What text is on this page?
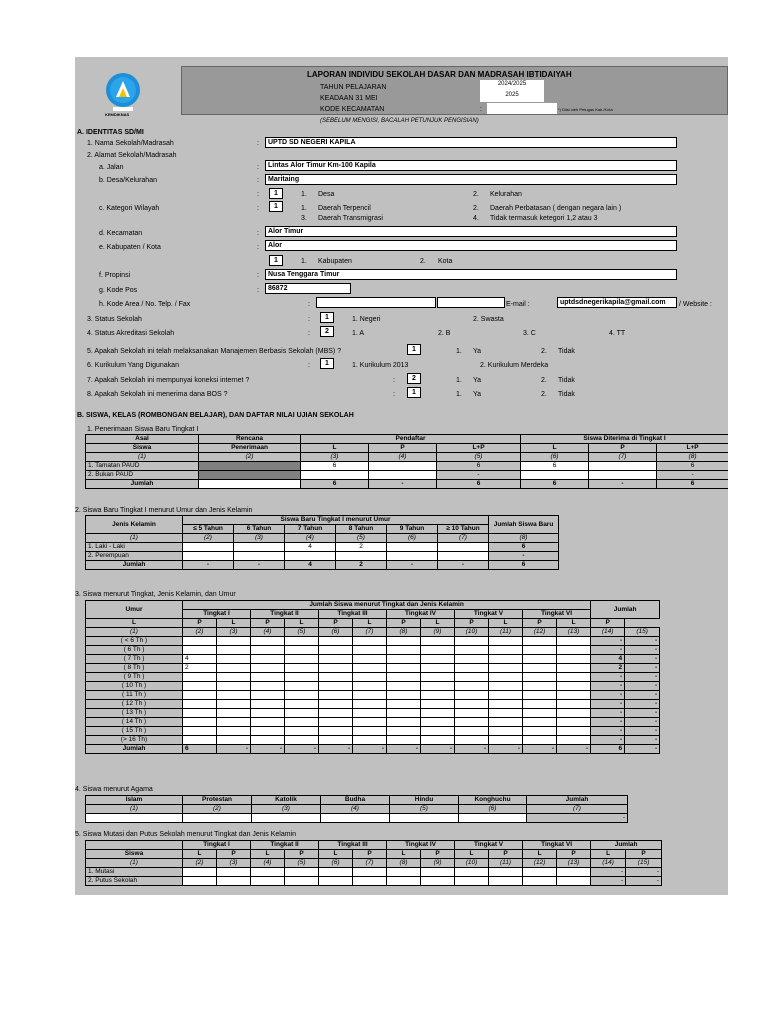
KEMDIKNAS
LAPORAN INDIVIDU SEKOLAH DASAR DAN MADRASAH IBTIDAIYAH
TAHUN PELAJARAN	2024/2025
KEADAAN 31 MEI	2025
KODE KECAMATAN	:	*) Diisi oleh Petugas Kab./Kota
(SEBELUM MENGISI, BACALAH PETUNJUK PENGISIAN)
A. IDENTITAS SD/MI
1. Nama Sekolah/Madrasah	:	UPTD SD NEGERI KAPILA
2. Alamat Sekolah/Madrasah
a. Jalan	:	Lintas Alor Timur Km-100 Kapila
b. Desa/Kelurahan	:	Maritaing
:	1	1. Desa	2. Kelurahan
c. Kategori Wilayah	:	1	1. Daerah Terpencil	2. Daerah Perbatasan ( dengan negara lain )
3. Daerah Transmigrasi	4. Tidak termasuk ketegori 1,2 atau 3
d. Kecamatan	:	Alor Timur
e. Kabupaten / Kota	:	Alor
1	1. Kabupaten	2. Kota
f. Propinsi	:	Nusa Tenggara Timur
g. Kode Pos	:	86872
h. Kode Area / No. Telp. / Fax	:	E-mail :	uptdsdnegerikapila@gmail.com	/ Website :
3. Status Sekolah	:	1	1. Negeri	2. Swasta
4. Status Akreditasi Sekolah	:	2	1. A	2. B	3. C	4. TT
5. Apakah Sekolah ini telah melaksanakan Manajemen Berbasis Sekolah (MBS) ?	1	1. Ya	2. Tidak
6. Kurikulum Yang Digunakan	:	1	1. Kurikulum 2013	2. Kurikulum Merdeka
7. Apakah Sekolah ini mempunyai koneksi internet ?	:	2	1. Ya	2. Tidak
8. Apakah Sekolah ini menerima dana BOS ?	:	1	1. Ya	2. Tidak
B. SISWA, KELAS (ROMBONGAN BELAJAR), DAN DAFTAR NILAI UJIAN SEKOLAH
1. Penerimaan Siswa Baru Tingkat I
Asal	Rencana	Pendaftar			Siswa Diterima di Tingkat I		
Siswa	Penerimaan	L	P	L+P	L	P	L+P
(1)	(2)	(3)	(4)	(5)	(6)	(7)	(8)
1. Tamatan PAUD		6		6	6		6
2. Bukan PAUD				-			-
Jumlah		6	-	6	6	-	6
2. Siswa Baru Tingkat I menurut Umur dan Jenis Kelamin
Jenis Kelamin	Siswa Baru Tingkat I menurut Umur						Jumlah Siswa Baru
	≤ 5 Tahun	6 Tahun	7 Tahun	8 Tahun	9 Tahun	≥ 10 Tahun	
(1)	(2)	(3)	(4)	(5)	(6)	(7)	(8)
1. Laki - Laki			4	2			6
2. Perempuan							-
Jumlah	-	-	4	2	-	-	6
3. Siswa menurut Tingkat, Jenis Kelamin, dan Umur
Umur	Jumlah Siswa menurut Tingkat dan Jenis Kelamin												Jumlah	
	Tingkat I		Tingkat II		Tingkat III		Tingkat IV		Tingkat V		Tingkat VI			
L	P	L	P	L	P	L	P	L	P	L	P	L	P	
(1)	(2)	(3)	(4)	(5)	(6)	(7)	(8)	(9)	(10)	(11)	(12)	(13)	(14)	(15)
( < 6 Th )													-	-
( 6 Th )													-	-
( 7 Th )	4												4	-
( 8 Th )	2												2	-
( 9 Th )													-	-
( 10 Th )													-	-
( 11 Th )													-	-
( 12 Th )													-	-
( 13 Th )													-	-
( 14 Th )													-	-
( 15 Th )													-	-
(> 16 Th)													-	-
Jumlah	6	-	-	-	-	-	-	-	-	-	-	-	6	-
4. Siswa menurut Agama
Islam	Protestan	Katolik	Budha	Hindu	Konghuchu	Jumlah
(1)	(2)	(3)	(4)	(5)	(6)	(7)
						-
5. Siswa Mutasi dan Putus Sekolah menurut Tingkat dan Jenis Kelamin
	Tingkat I		Tingkat II		Tingkat III		Tingkat IV		Tingkat V		Tingkat VI		Jumlah	
Siswa	L	P	L	P	L	P	L	P	L	P	L	P	L	P
(1)	(2)	(3)	(4)	(5)	(6)	(7)	(8)	(9)	(10)	(11)	(12)	(13)	(14)	(15)
1. Mutasi													-	-
2. Putus Sekolah													-	-
